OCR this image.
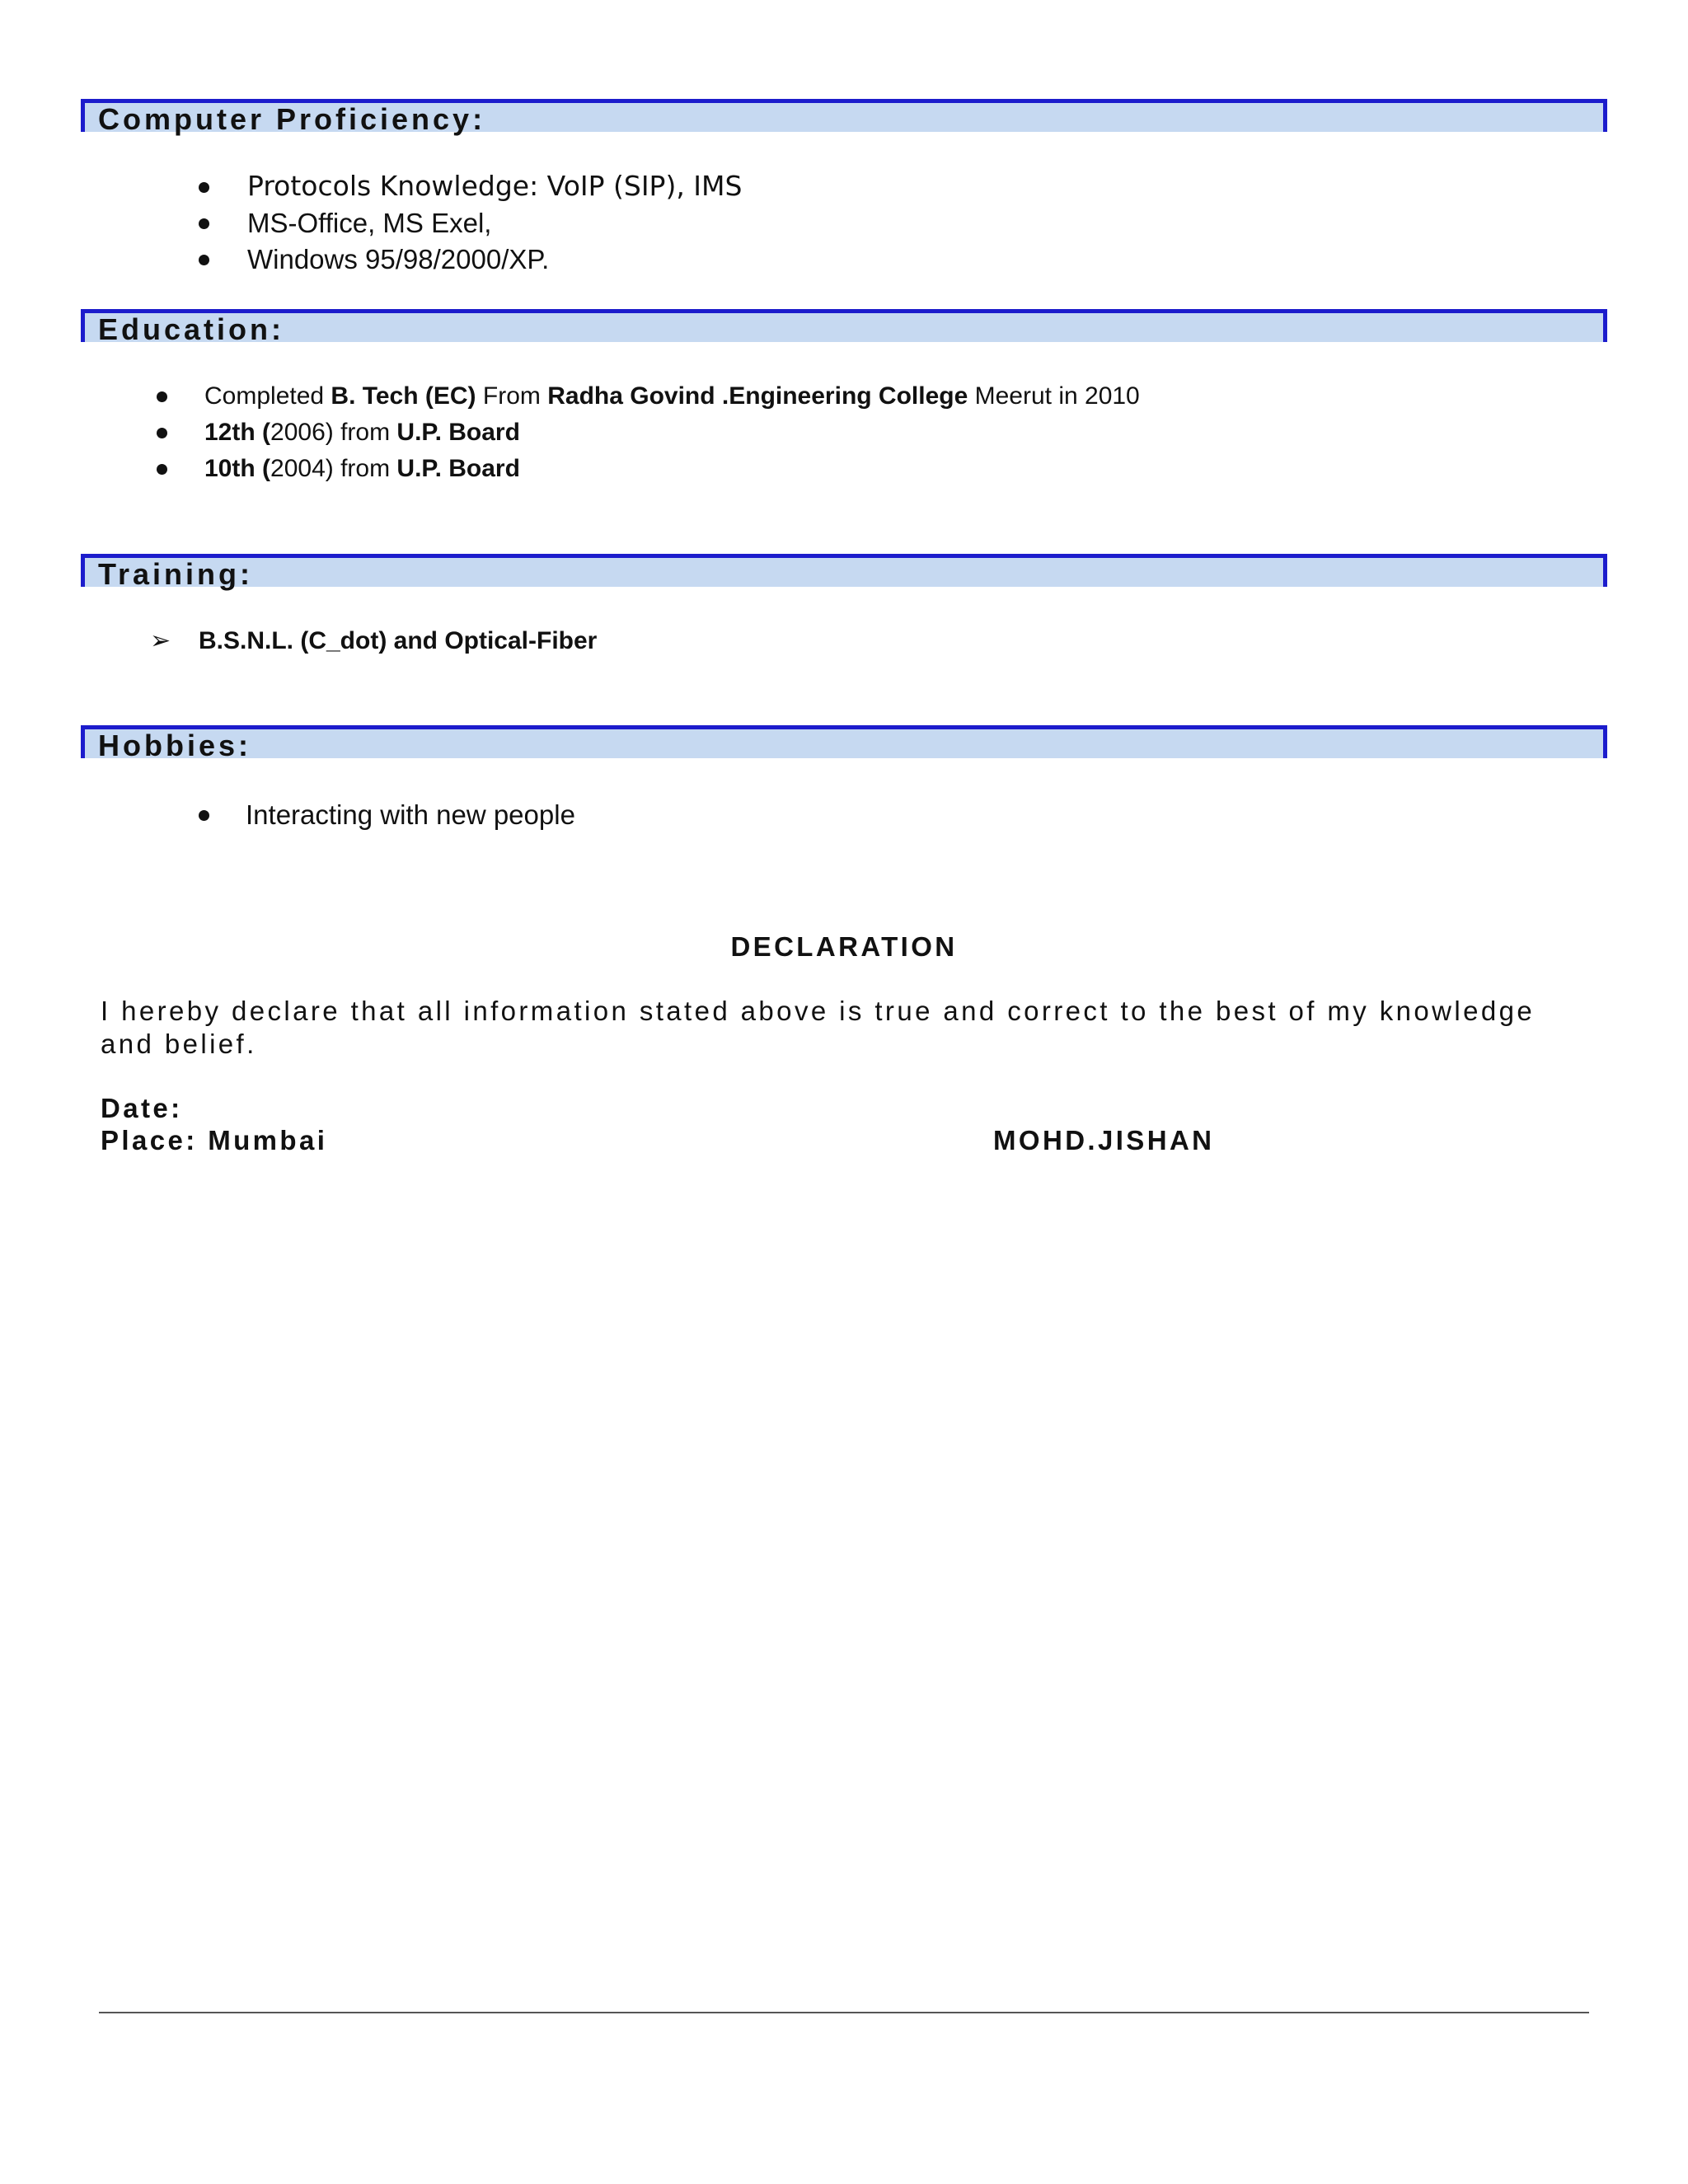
Computer Proficiency:
Protocols Knowledge: VoIP (SIP), IMS
MS-Office, MS Exel,
Windows 95/98/2000/XP.
Education:
Completed B. Tech (EC) From Radha Govind .Engineering College Meerut in 2010
12th (2006) from U.P. Board
10th (2004) from U.P. Board
Training:
➢ B.S.N.L. (C_dot) and Optical-Fiber
Hobbies:
Interacting with new people
DECLARATION
I hereby declare that all information stated above is true and correct to the best of my knowledge
and belief.
Date:
Place: Mumbai	MOHD.JISHAN
